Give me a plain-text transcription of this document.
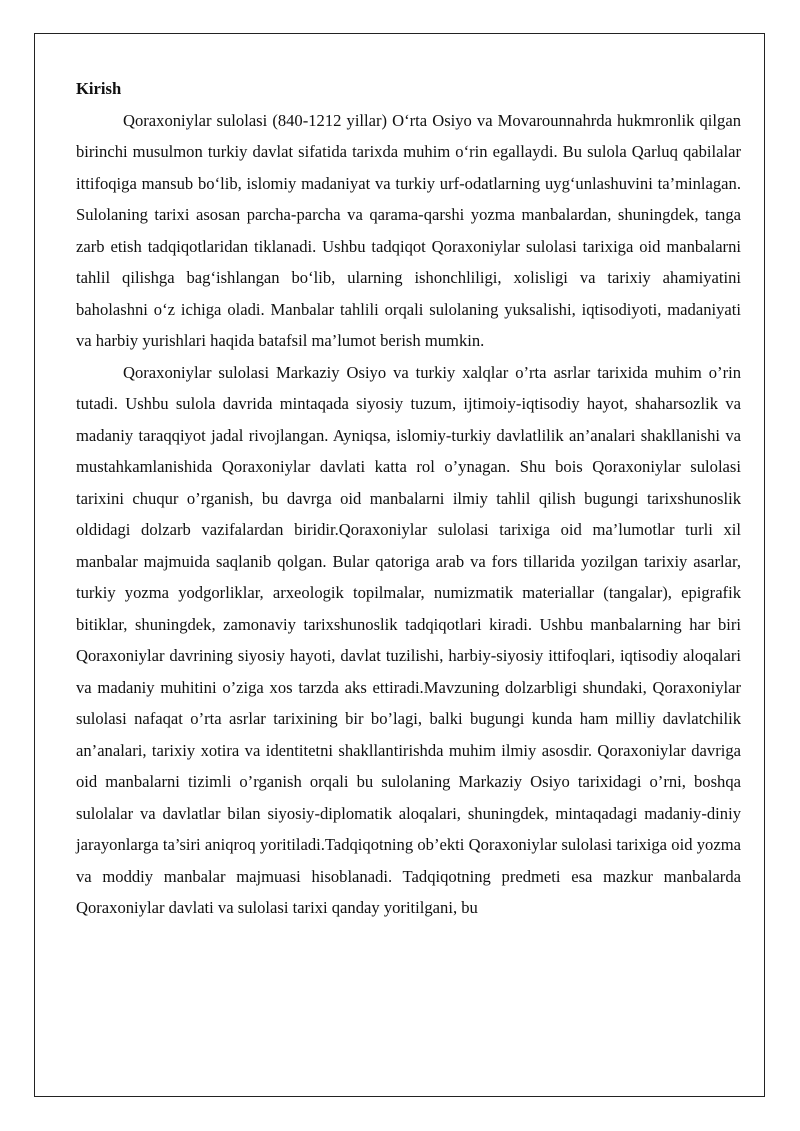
Kirish

Qoraxoniylar sulolasi (840-1212 yillar) O‘rta Osiyo va Movarounnahrda hukmronlik qilgan birinchi musulmon turkiy davlat sifatida tarixda muhim o‘rin egallaydi. Bu sulola Qarluq qabilalar ittifoqiga mansub bo‘lib, islomiy madaniyat va turkiy urf-odatlarning uyg‘unlashuvini ta’minlagan. Sulolaning tarixi asosan parcha-parcha va qarama-qarshi yozma manbalardan, shuningdek, tanga zarb etish tadqiqotlaridan tiklanadi. Ushbu tadqiqot Qoraxoniylar sulolasi tarixiga oid manbalarni tahlil qilishga bag‘ishlangan bo‘lib, ularning ishonchliligi, xolisligi va tarixiy ahamiyatini baholashni o‘z ichiga oladi. Manbalar tahlili orqali sulolaning yuksalishi, iqtisodiyoti, madaniyati va harbiy yurishlari haqida batafsil ma’lumot berish mumkin.

Qoraxoniylar sulolasi Markaziy Osiyo va turkiy xalqlar o’rta asrlar tarixida muhim o’rin tutadi. Ushbu sulola davrida mintaqada siyosiy tuzum, ijtimoiy-iqtisodiy hayot, shaharsozlik va madaniy taraqqiyot jadal rivojlangan. Ayniqsa, islomiy-turkiy davlatlilik an’analari shakllanishi va mustahkamlanishida Qoraxoniylar davlati katta rol o’ynagan. Shu bois Qoraxoniylar sulolasi tarixini chuqur o’rganish, bu davrga oid manbalarni ilmiy tahlil qilish bugungi tarixshunoslik oldidagi dolzarb vazifalardan biridir.Qoraxoniylar sulolasi tarixiga oid ma’lumotlar turli xil manbalar majmuida saqlanib qolgan. Bular qatoriga arab va fors tillarida yozilgan tarixiy asarlar, turkiy yozma yodgorliklar, arxeologik topilmalar, numizmatik materiallar (tangalar), epigrafik bitiklar, shuningdek, zamonaviy tarixshunoslik tadqiqotlari kiradi. Ushbu manbalarning har biri Qoraxoniylar davrining siyosiy hayoti, davlat tuzilishi, harbiy-siyosiy ittifoqlari, iqtisodiy aloqalari va madaniy muhitini o’ziga xos tarzda aks ettiradi.Mavzuning dolzarbligi shundaki, Qoraxoniylar sulolasi nafaqat o’rta asrlar tarixining bir bo’lagi, balki bugungi kunda ham milliy davlatchilik an’analari, tarixiy xotira va identitetni shakllantirishda muhim ilmiy asosdir. Qoraxoniylar davriga oid manbalarni tizimli o’rganish orqali bu sulolaning Markaziy Osiyo tarixidagi o’rni, boshqa sulolalar va davlatlar bilan siyosiy-diplomatik aloqalari, shuningdek, mintaqadagi madaniy-diniy jarayonlarga ta’siri aniqroq yoritiladi.Tadqiqotning ob’ekti Qoraxoniylar sulolasi tarixiga oid yozma va moddiy manbalar majmuasi hisoblanadi. Tadqiqotning predmeti esa mazkur manbalarda Qoraxoniylar davlati va sulolasi tarixi qanday yoritilgani, bu
